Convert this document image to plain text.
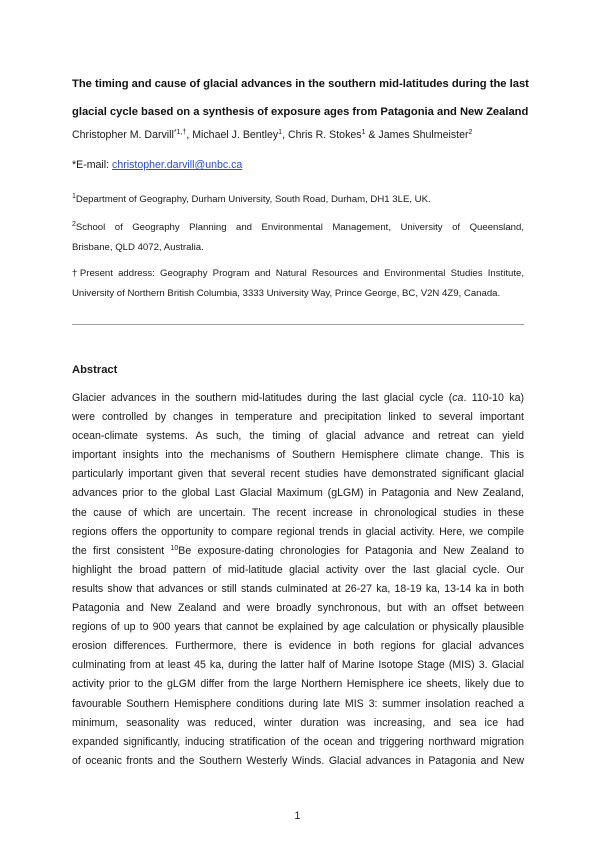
The timing and cause of glacial advances in the southern mid-latitudes during the last
glacial cycle based on a synthesis of exposure ages from Patagonia and New Zealand
Christopher M. Darvill$^{*1,\dagger}$, Michael J. Bentley$^1$, Chris R. Stokes$^1$ & James Shulmeister$^2$
*E-mail: christopher.darvill@unbc.ca
$^1$Department of Geography, Durham University, South Road, Durham, DH1 3LE, UK.
$^2$School of Geography Planning and Environmental Management, University of Queensland,
Brisbane, QLD 4072, Australia.
†Present address: Geography Program and Natural Resources and Environmental Studies Institute,
University of Northern British Columbia, 3333 University Way, Prince George, BC, V2N 4Z9, Canada.
Abstract
Glacier advances in the southern mid-latitudes during the last glacial cycle (ca. 110-10 ka)
were controlled by changes in temperature and precipitation linked to several important
ocean-climate systems. As such, the timing of glacial advance and retreat can yield
important insights into the mechanisms of Southern Hemisphere climate change. This is
particularly important given that several recent studies have demonstrated significant glacial
advances prior to the global Last Glacial Maximum (gLGM) in Patagonia and New Zealand,
the cause of which are uncertain. The recent increase in chronological studies in these
regions offers the opportunity to compare regional trends in glacial activity. Here, we compile
the first consistent $^{10}$Be exposure-dating chronologies for Patagonia and New Zealand to
highlight the broad pattern of mid-latitude glacial activity over the last glacial cycle. Our
results show that advances or still stands culminated at 26-27 ka, 18-19 ka, 13-14 ka in both
Patagonia and New Zealand and were broadly synchronous, but with an offset between
regions of up to 900 years that cannot be explained by age calculation or physically plausible
erosion differences. Furthermore, there is evidence in both regions for glacial advances
culminating from at least 45 ka, during the latter half of Marine Isotope Stage (MIS) 3. Glacial
activity prior to the gLGM differ from the large Northern Hemisphere ice sheets, likely due to
favourable Southern Hemisphere conditions during late MIS 3: summer insolation reached a
minimum, seasonality was reduced, winter duration was increasing, and sea ice had
expanded significantly, inducing stratification of the ocean and triggering northward migration
of oceanic fronts and the Southern Westerly Winds. Glacial advances in Patagonia and New
1
